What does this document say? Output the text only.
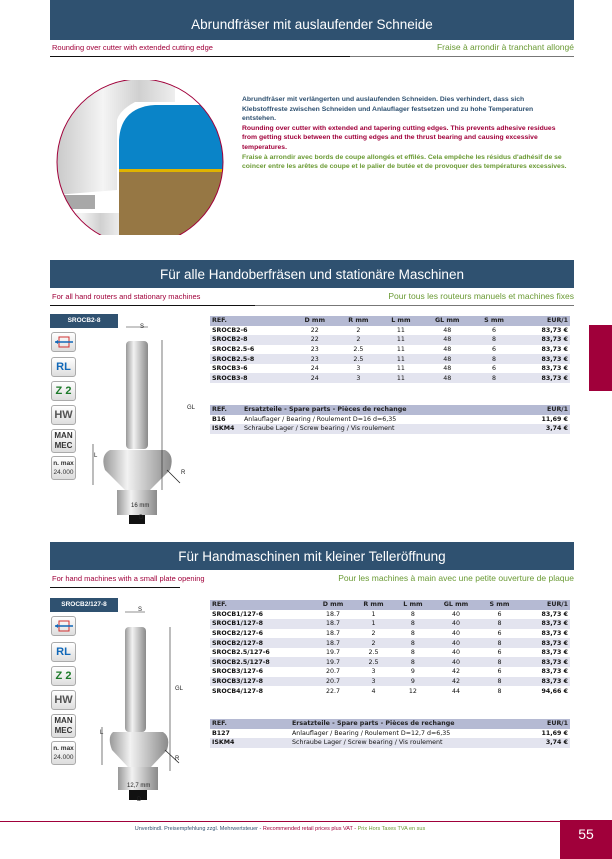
Abrundfräser mit auslaufender Schneide
Rounding over cutter with extended cutting edge	Fraise à arrondir à tranchant allongé
Abrundfräser mit verlängerten und auslaufenden Schneiden. Dies verhindert, dass sich Klebstoffreste zwischen Schneiden und Anlauflager festsetzen und zu hohe Temperaturen entstehen.
Rounding over cutter with extended and tapering cutting edges. This prevents adhesive residues from getting stuck between the cutting edges and the thrust bearing and causing excessive temperatures.
Fraise à arrondir avec bords de coupe allongés et effilés. Cela empêche les résidus d'adhésif de se coincer entre les arêtes de coupe et le palier de butée et de provoquer des températures excessives.
Für alle Handoberfräsen und stationäre Maschinen
For all hand routers and stationary machines	Pour tous les routeurs manuels et machines fixes
SROCB2-8
RL
Z 2
HW
MAN
MEC
n. max
24.000
S
GL
L
R
16 mm
D
REF.	D mm	R mm	L mm	GL mm	S mm	EUR/1
SROCB2-6	22	2	11	48	6	83,73 €
SROCB2-8	22	2	11	48	8	83,73 €
SROCB2.5-6	23	2.5	11	48	6	83,73 €
SROCB2.5-8	23	2.5	11	48	8	83,73 €
SROCB3-6	24	3	11	48	6	83,73 €
SROCB3-8	24	3	11	48	8	83,73 €
REF.	Ersatzteile - Spare parts - Pièces de rechange	EUR/1
B16	Anlauflager / Bearing / Roulement D=16 d=6,35	11,69 €
ISKM4	Schraube Lager / Screw bearing / Vis roulement	3,74 €
Für Handmaschinen mit kleiner Telleröffnung
For hand machines with a small plate opening	Pour les machines à main avec une petite ouverture de plaque
SROCB2/127-8
RL
Z 2
HW
MAN
MEC
n. max
24.000
S
GL
L
R
12,7 mm
D
REF.	D mm	R mm	L mm	GL mm	S mm	EUR/1
SROCB1/127-6	18.7	1	8	40	6	83,73 €
SROCB1/127-8	18.7	1	8	40	8	83,73 €
SROCB2/127-6	18.7	2	8	40	6	83,73 €
SROCB2/127-8	18.7	2	8	40	8	83,73 €
SROCB2.5/127-6	19.7	2.5	8	40	6	83,73 €
SROCB2.5/127-8	19.7	2.5	8	40	8	83,73 €
SROCB3/127-6	20.7	3	9	42	6	83,73 €
SROCB3/127-8	20.7	3	9	42	8	83,73 €
SROCB4/127-8	22.7	4	12	44	8	94,66 €
REF.	Ersatzteile - Spare parts - Pièces de rechange	EUR/1
B127	Anlauflager / Bearing / Roulement D=12,7 d=6,35	11,69 €
ISKM4	Schraube Lager / Screw bearing / Vis roulement	3,74 €
Unverbindl. Preisempfehlung zzgl. Mehrwertsteuer - Recommended retail prices plus VAT - Prix Hors Taxes TVA en sus	55
